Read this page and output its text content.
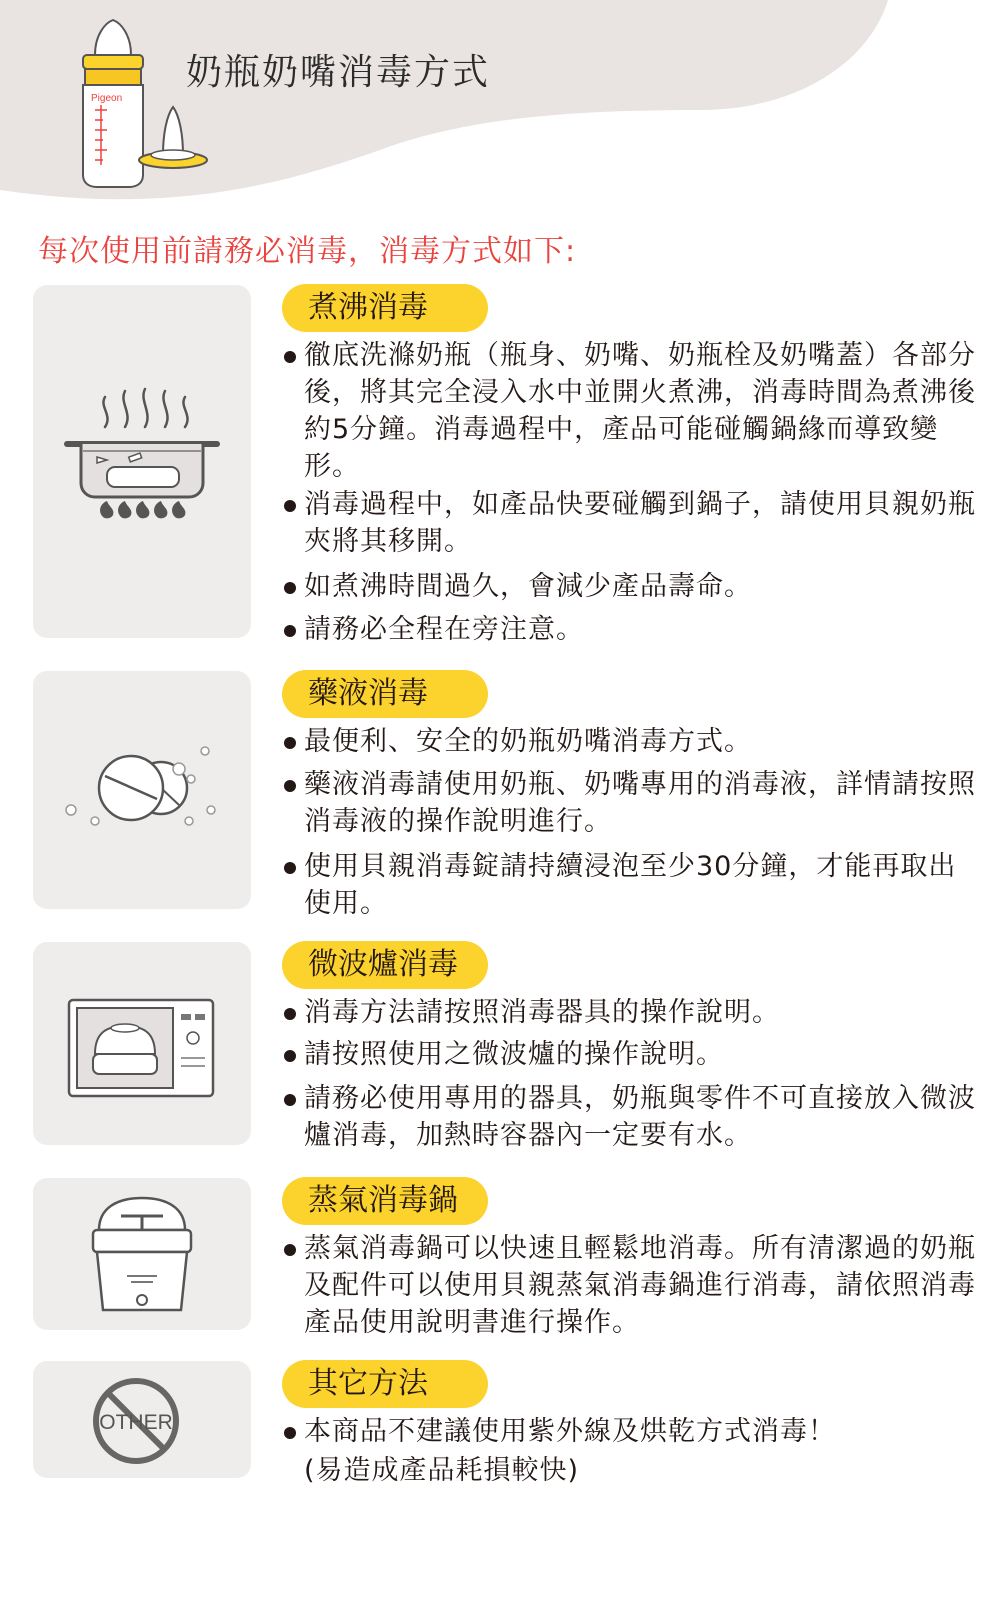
Pigeon
奶瓶奶嘴消毒方式
每次使用前請務必消毒，消毒方式如下:
煮沸消毒
徹底洗滌奶瓶（瓶身、奶嘴、奶瓶栓及奶嘴蓋）各部分後，將其完全浸入水中並開火煮沸，消毒時間為煮沸後約5分鐘。消毒過程中，產品可能碰觸鍋緣而導致變形。
消毒過程中，如產品快要碰觸到鍋子，請使用貝親奶瓶夾將其移開。
如煮沸時間過久，會減少產品壽命。
請務必全程在旁注意。
藥液消毒
最便利、安全的奶瓶奶嘴消毒方式。
藥液消毒請使用奶瓶、奶嘴專用的消毒液，詳情請按照消毒液的操作說明進行。
使用貝親消毒錠請持續浸泡至少30分鐘，才能再取出使用。
微波爐消毒
消毒方法請按照消毒器具的操作說明。
請按照使用之微波爐的操作說明。
請務必使用專用的器具，奶瓶與零件不可直接放入微波爐消毒，加熱時容器內一定要有水。
蒸氣消毒鍋
蒸氣消毒鍋可以快速且輕鬆地消毒。所有清潔過的奶瓶及配件可以使用貝親蒸氣消毒鍋進行消毒，請依照消毒產品使用說明書進行操作。
OTHER
其它方法
本商品不建議使用紫外線及烘乾方式消毒！
(易造成產品耗損較快)
